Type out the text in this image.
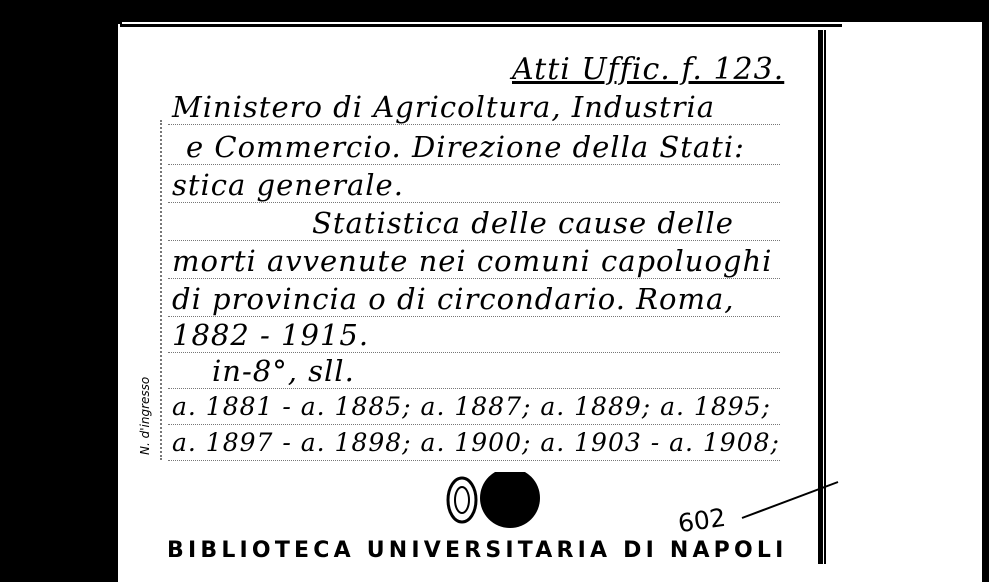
Atti Uffic. f. 123.
Ministero di Agricoltura, Industria
e Commercio. Direzione della Stati:
stica generale.
Statistica delle cause delle
morti avvenute nei comuni capoluoghi
di provincia o di circondario. Roma,
1882 - 1915.
in-8°, sll.
a. 1881 - a. 1885; a. 1887; a. 1889; a. 1895;
a. 1897 - a. 1898; a. 1900; a. 1903 - a. 1908;
N. d'ingresso
602
BIBLIOTECA UNIVERSITARIA DI NAPOLI
